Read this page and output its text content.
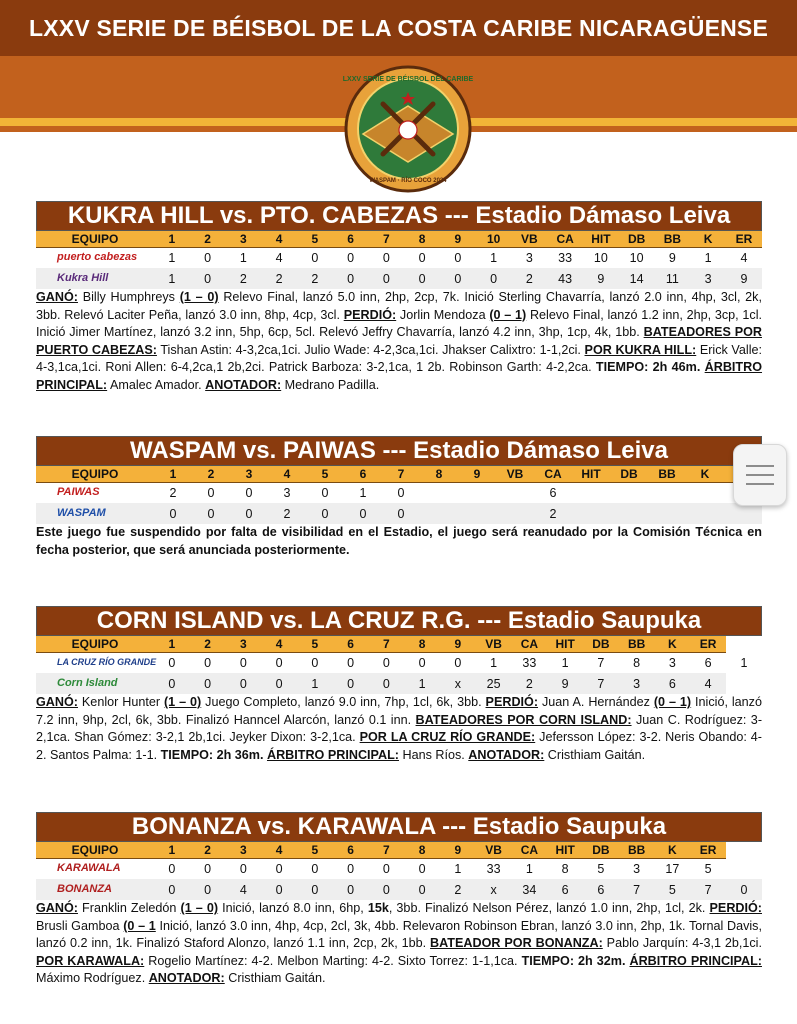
LXXV SERIE DE BÉISBOL DE LA COSTA CARIBE NICARAGÜENSE
LXXV SERIE DE BÉISBOL DEL CARIBE
WASPAM · RÍO COCO 2024
KUKRA HILL vs. PTO. CABEZAS --- Estadio Dámaso Leiva
EQUIPO	1	2	3	4	5	6	7	8	9	10	VB	CA	HIT	DB	BB	K	ER
puerto cabezas	1	0	1	4	0	0	0	0	0	1	3	33	10	10	9	1	4
Kukra Hill	1	0	2	2	2	0	0	0	0	0	2	43	9	14	11	3	9
GANÓ: Billy Humphreys (1 – 0) Relevo Final, lanzó 5.0 inn, 2hp, 2cp, 7k. Inició Sterling Chavarría, lanzó 2.0 inn, 4hp, 3cl, 2k, 3bb. Relevó Laciter Peña, lanzó 3.0 inn, 8hp, 4cp, 3cl. PERDIÓ: Jorlin Mendoza (0 – 1) Relevo Final, lanzó 1.2 inn, 2hp, 3cp, 1cl. Inició Jimer Martínez, lanzó 3.2 inn, 5hp, 6cp, 5cl. Relevó Jeffry Chavarría, lanzó 4.2 inn, 3hp, 1cp, 4k, 1bb. BATEADORES POR PUERTO CABEZAS: Tishan Astin: 4-3,2ca,1ci. Julio Wade: 4-2,3ca,1ci. Jhakser Calixtro: 1-1,2ci. POR KUKRA HILL: Erick Valle: 4-3,1ca,1ci. Roni Allen: 6-4,2ca,1 2b,2ci. Patrick Barboza: 3-2,1ca, 1 2b. Robinson Garth: 4-2,2ca. TIEMPO: 2h 46m. ÁRBITRO PRINCIPAL: Amalec Amador. ANOTADOR: Medrano Padilla.
WASPAM vs. PAIWAS --- Estadio Dámaso Leiva
EQUIPO	1	2	3	4	5	6	7	8	9	VB	CA	HIT	DB	BB	K	
PAIWAS	2	0	0	3	0	1	0				6					
WASPAM	0	0	0	2	0	0	0				2					
Este juego fue suspendido por falta de visibilidad en el Estadio, el juego será reanudado por la Comisión Técnica en fecha posterior, que será anunciada posteriormente.
CORN ISLAND vs. LA CRUZ R.G. --- Estadio Saupuka
EQUIPO	1	2	3	4	5	6	7	8	9	VB	CA	HIT	DB	BB	K	ER	
LA CRUZ RÍO GRANDE	0	0	0	0	0	0	0	0	0	1	33	1	7	8	3	6	1
Corn Island	0	0	0	0	1	0	0	1	x	25	2	9	7	3	6	4	
GANÓ: Kenlor Hunter (1 – 0) Juego Completo, lanzó 9.0 inn, 7hp, 1cl, 6k, 3bb. PERDIÓ: Juan A. Hernández (0 – 1) Inició, lanzó 7.2 inn, 9hp, 2cl, 6k, 3bb. Finalizó Hanncel Alarcón, lanzó 0.1 inn. BATEADORES POR CORN ISLAND: Juan C. Rodríguez: 3-2,1ca. Shan Gómez: 3-2,1 2b,1ci. Jeyker Dixon: 3-2,1ca. POR LA CRUZ RÍO GRANDE: Jefersson López: 3-2. Neris Obando: 4-2. Santos Palma: 1-1. TIEMPO: 2h 36m. ÁRBITRO PRINCIPAL: Hans Ríos. ANOTADOR: Cristhiam Gaitán.
BONANZA vs. KARAWALA --- Estadio Saupuka
EQUIPO	1	2	3	4	5	6	7	8	9	VB	CA	HIT	DB	BB	K	ER	
KARAWALA	0	0	0	0	0	0	0	0	1	33	1	8	5	3	17	5	
BONANZA	0	0	4	0	0	0	0	0	2	x	34	6	6	7	5	7	0
GANÓ: Franklin Zeledón (1 – 0) Inició, lanzó 8.0 inn, 6hp, 15k, 3bb. Finalizó Nelson Pérez, lanzó 1.0 inn, 2hp, 1cl, 2k. PERDIÓ: Brusli Gamboa (0 – 1 Inició, lanzó 3.0 inn, 4hp, 4cp, 2cl, 3k, 4bb. Relevaron Robinson Ebran, lanzó 3.0 inn, 2hp, 1k. Tornal Davis, lanzó 0.2 inn, 1k. Finalizó Staford Alonzo, lanzó 1.1 inn, 2cp, 2k, 1bb. BATEADOR POR BONANZA: Pablo Jarquín: 4-3,1 2b,1ci. POR KARAWALA: Rogelio Martínez: 4-2. Melbon Marting: 4-2. Sixto Torrez: 1-1,1ca. TIEMPO: 2h 32m. ÁRBITRO PRINCIPAL: Máximo Rodríguez. ANOTADOR: Cristhiam Gaitán.
